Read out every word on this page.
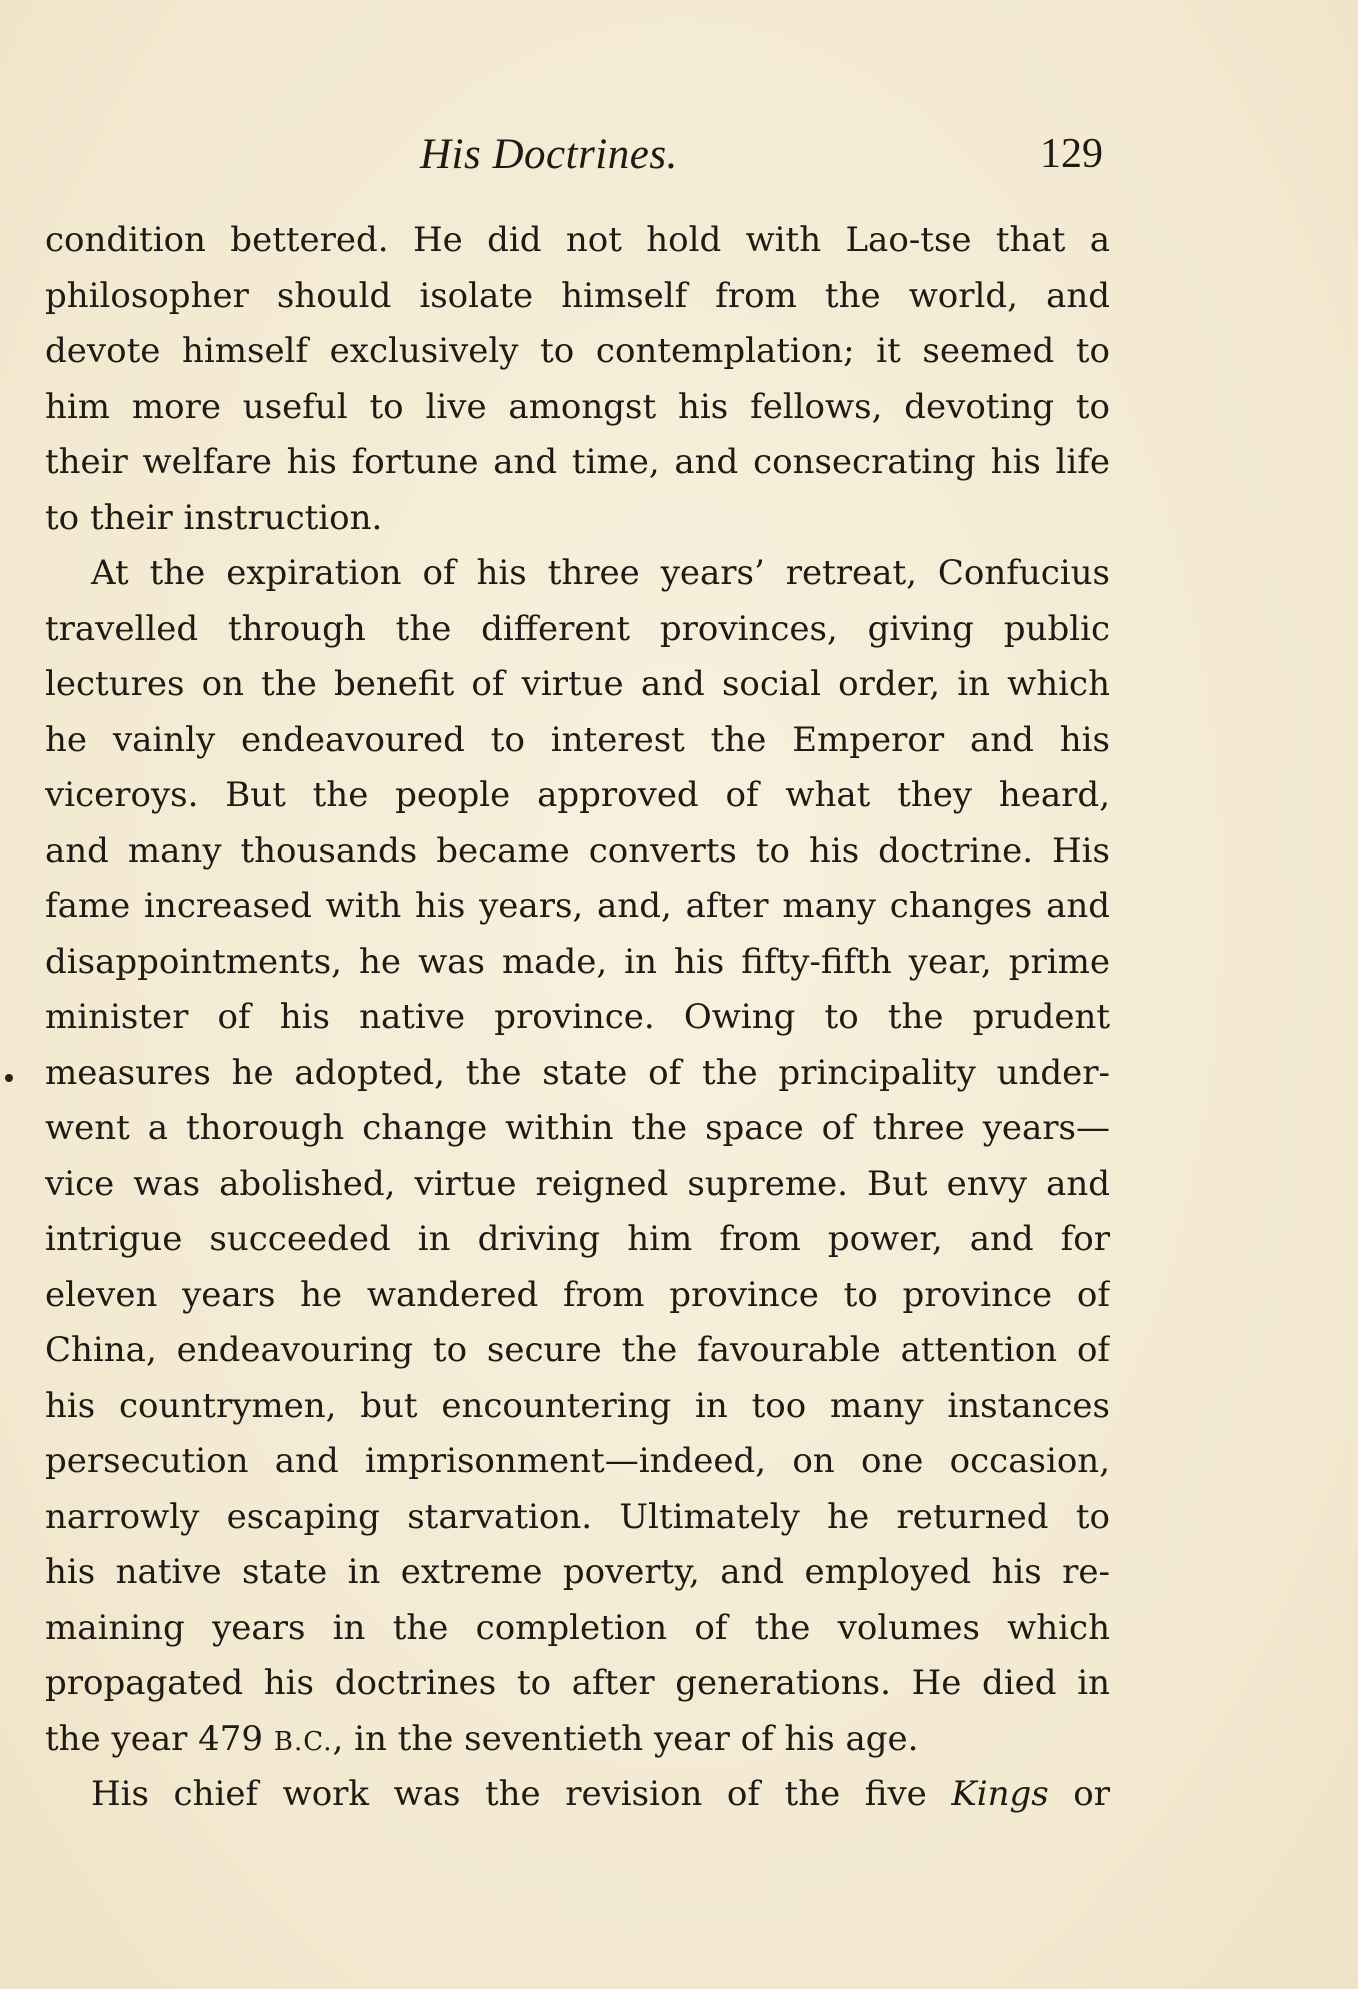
His Doctrines.	129
condition bettered. He did not hold with Lao-tse that a
philosopher should isolate himself from the world, and
devote himself exclusively to contemplation; it seemed to
him more useful to live amongst his fellows, devoting to
their welfare his fortune and time, and consecrating his life
to their instruction.
At the expiration of his three years’ retreat, Confucius
travelled through the different provinces, giving public
lectures on the benefit of virtue and social order, in which
he vainly endeavoured to interest the Emperor and his
viceroys. But the people approved of what they heard,
and many thousands became converts to his doctrine. His
fame increased with his years, and, after many changes and
disappointments, he was made, in his fifty-fifth year, prime
minister of his native province. Owing to the prudent
measures he adopted, the state of the principality under-
went a thorough change within the space of three years—
vice was abolished, virtue reigned supreme. But envy and
intrigue succeeded in driving him from power, and for
eleven years he wandered from province to province of
China, endeavouring to secure the favourable attention of
his countrymen, but encountering in too many instances
persecution and imprisonment—indeed, on one occasion,
narrowly escaping starvation. Ultimately he returned to
his native state in extreme poverty, and employed his re-
maining years in the completion of the volumes which
propagated his doctrines to after generations. He died in
the year 479 B.C., in the seventieth year of his age.
His chief work was the revision of the five Kings or
